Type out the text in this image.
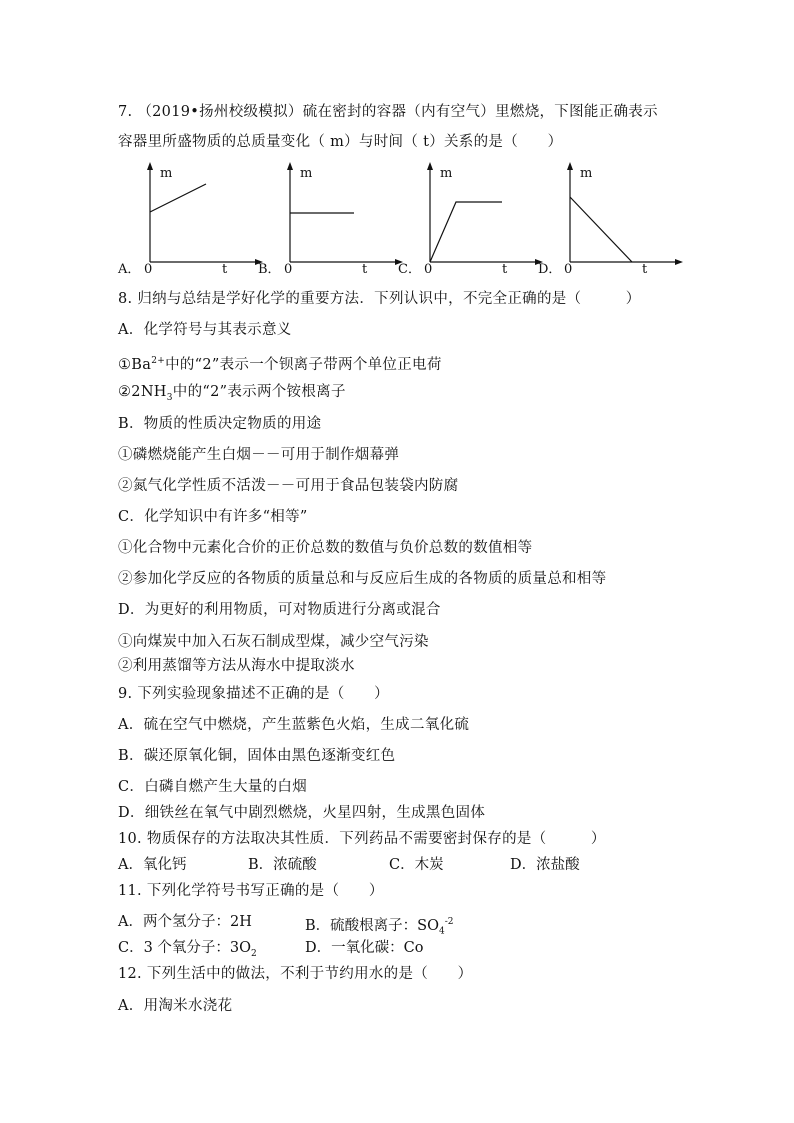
7. （2019•扬州校级模拟）硫在密封的容器（内有空气）里燃烧，下图能正确表示
容器里所盛物质的总质量变化（ m）与时间（ t）关系的是（　　）
m
A． 0	t
m
B． 0	t
m
C． 0	t
m
D． 0	t
8. 归纳与总结是学好化学的重要方法．下列认识中，不完全正确的是（　　　）
A．化学符号与其表示意义
$①Ba^{2+}$中的“2”表示一个钡离子带两个单位正电荷
$②2NH_3$中的“2”表示两个铵根离子
B．物质的性质决定物质的用途
①磷燃烧能产生白烟－－可用于制作烟幕弹
②氮气化学性质不活泼－－可用于食品包装袋内防腐
C．化学知识中有许多“相等”
①化合物中元素化合价的正价总数的数值与负价总数的数值相等
②参加化学反应的各物质的质量总和与反应后生成的各物质的质量总和相等
D．为更好的利用物质，可对物质进行分离或混合
①向煤炭中加入石灰石制成型煤，减少空气污染
②利用蒸馏等方法从海水中提取淡水
9. 下列实验现象描述不正确的是（　　）
A．硫在空气中燃烧，产生蓝紫色火焰，生成二氧化硫
B．碳还原氧化铜，固体由黑色逐渐变红色
C．白磷自燃产生大量的白烟
D．细铁丝在氧气中剧烈燃烧，火星四射，生成黑色固体
10. 物质保存的方法取决其性质．下列药品不需要密封保存的是（　　　）
A．氧化钙	B．浓硫酸	C．木炭	D．浓盐酸
11. 下列化学符号书写正确的是（　　）
A．两个氢分子：2H	B．硫酸根离子：$SO_4^{-2}$
C．3 个氧分子：$3O_2$	D．一氧化碳：Co
12. 下列生活中的做法，不利于节约用水的是（　　）
A．用淘米水浇花
